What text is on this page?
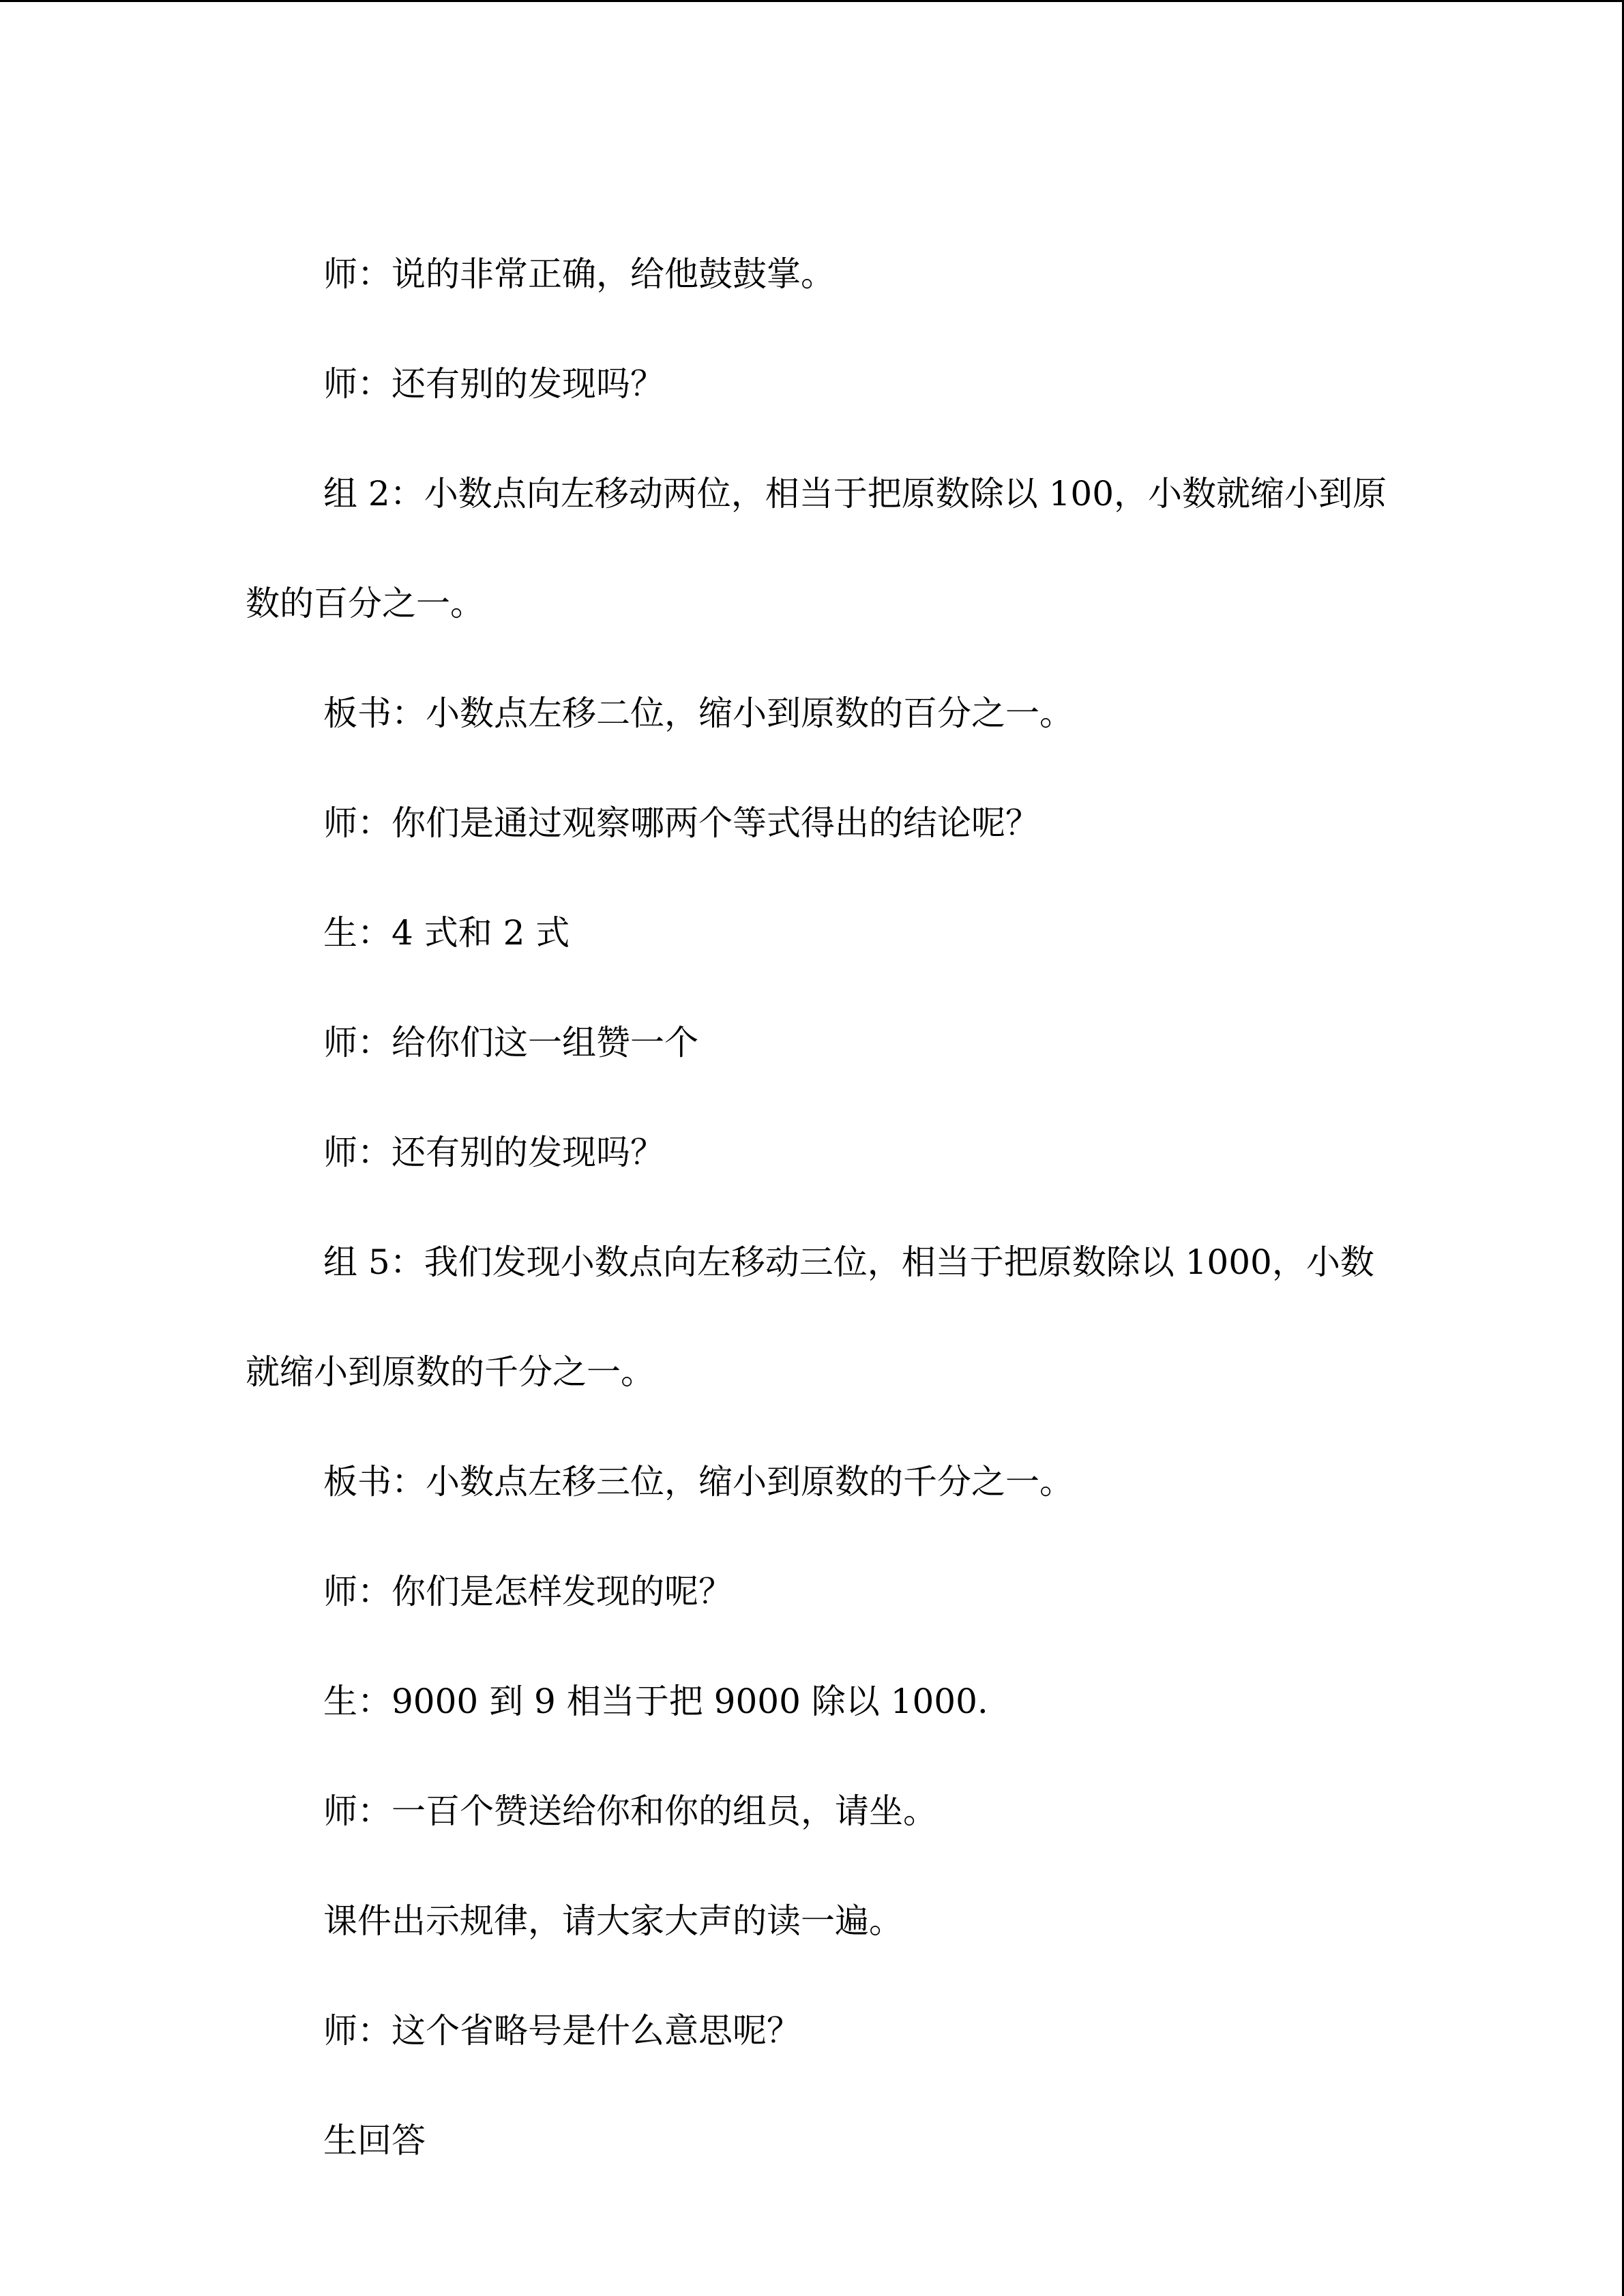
师：说的非常正确，给他鼓鼓掌。

师：还有别的发现吗？

组 2：小数点向左移动两位，相当于把原数除以 100，小数就缩小到原数的百分之一。

板书：小数点左移二位，缩小到原数的百分之一。

师：你们是通过观察哪两个等式得出的结论呢？

生：4 式和 2 式

师：给你们这一组赞一个

师：还有别的发现吗？

组 5：我们发现小数点向左移动三位，相当于把原数除以 1000，小数就缩小到原数的千分之一。

板书：小数点左移三位，缩小到原数的千分之一。

师：你们是怎样发现的呢？

生：9000 到 9 相当于把 9000 除以 1000.

师：一百个赞送给你和你的组员，请坐。

课件出示规律，请大家大声的读一遍。

师：这个省略号是什么意思呢？

生回答
